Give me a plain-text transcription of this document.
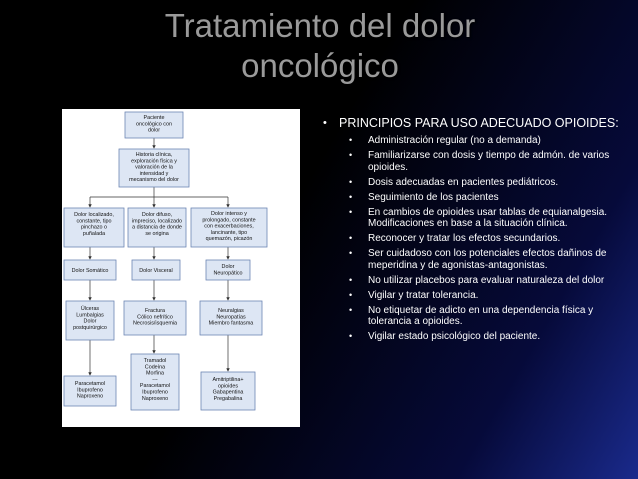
Tratamiento del dolor
oncológico
Paciente oncológico con dolor
Historia clínica, exploración física y valoración de la intensidad y mecanismo del dolor
Dolor localizado, constante, tipo pinchazo o puñalada
Dolor difuso, impreciso, localizado a distancia de donde se origina
Dolor intenso y prolongado, constante con exacerbaciones, lancinante, tipo quemazón, picazón
Dolor Somático	Dolor Visceral
Dolor Neuropático
Úlceras Lumbalgias Dolor postquirúrgico
Fractura Cólico nefrítico Necrosis/isquemia
Neuralgias Neuropatías Miembro fantasma
Tramadol Codeína Morfina ---Paracetamol Ibuprofeno Naproxeno
Paracetamol Ibuprofeno Naproxeno
Amitriptilina+ opioides Gabapentina Pregabalina
• PRINCIPIOS PARA USO ADECUADO OPIOIDES:
•	Administración regular (no a demanda)
•	Familiarizarse con dosis y tiempo de admón. de varios opioides.
•	Dosis adecuadas en pacientes pediátricos.
•	Seguimiento de los pacientes
•	En cambios de opioides usar tablas de equianalgesia. Modificaciones en base a la situación clínica.
•	Reconocer y tratar los efectos secundarios.
•	Ser cuidadoso con los potenciales efectos dañinos de meperidina y de agonistas-antagonistas.
•	No utilizar placebos para evaluar naturaleza del dolor
•	Vigilar y tratar tolerancia.
•	No etiquetar de adicto en una dependencia física y tolerancia a opioides.
•	Vigilar estado psicológico del paciente.
